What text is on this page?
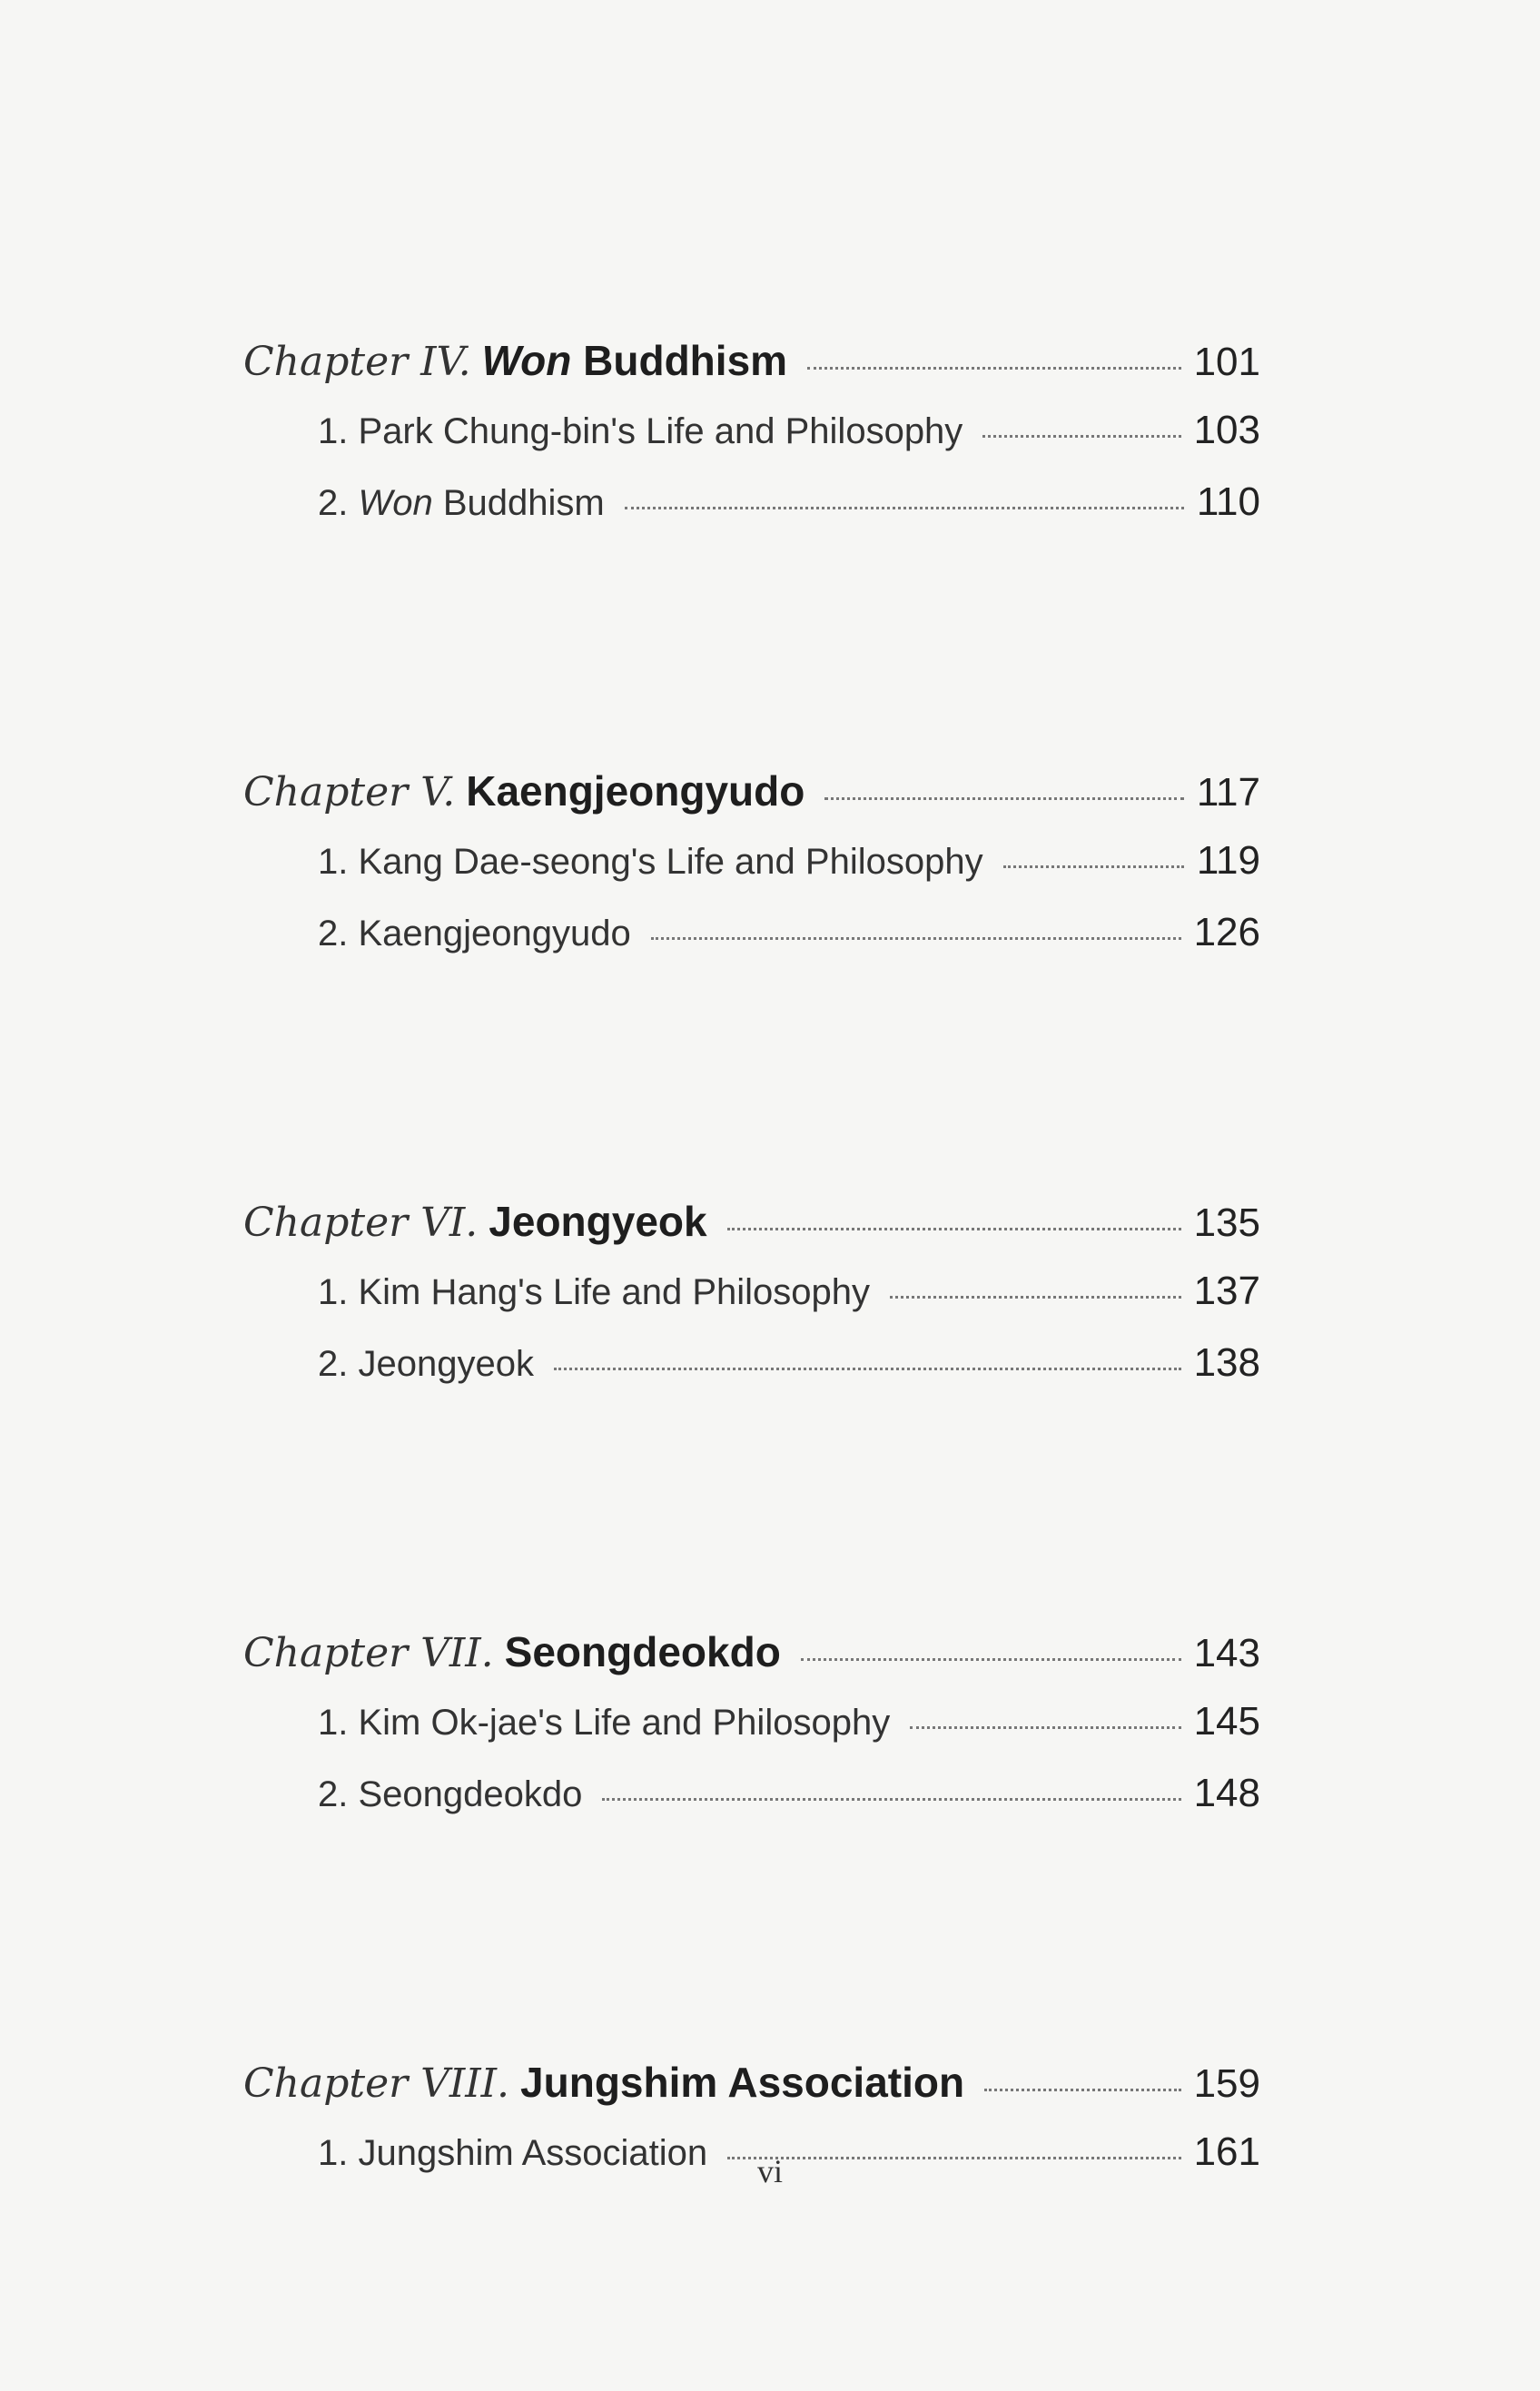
Chapter IV. Won Buddhism	101
1. Park Chung-bin's Life and Philosophy	103
2. Won Buddhism	110
Chapter V. Kaengjeongyudo	117
1. Kang Dae-seong's Life and Philosophy	119
2. Kaengjeongyudo	126
Chapter VI. Jeongyeok	135
1. Kim Hang's Life and Philosophy	137
2. Jeongyeok	138
Chapter VII. Seongdeokdo	143
1. Kim Ok-jae's Life and Philosophy	145
2. Seongdeokdo	148
Chapter VIII. Jungshim Association	159
1. Jungshim Association	161
vi
